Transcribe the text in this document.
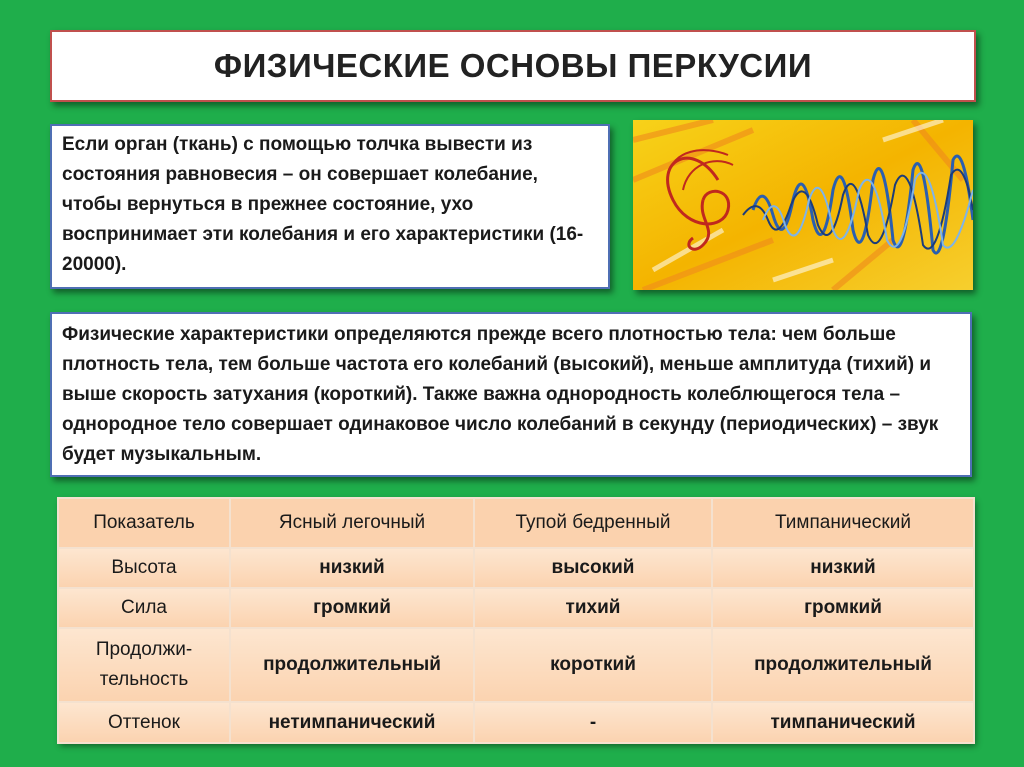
ФИЗИЧЕСКИЕ ОСНОВЫ ПЕРКУСИИ

Если орган (ткань) с помощью толчка вывести из состояния равновесия – он совершает колебание, чтобы вернуться в прежнее состояние, ухо воспринимает эти колебания и его характеристики (16-20000).

Физические характеристики определяются прежде всего плотностью тела: чем больше плотность тела, тем больше частота его колебаний (высокий), меньше амплитуда (тихий) и выше скорость затухания (короткий). Также важна однородность колеблющегося тела – однородное тело совершает одинаковое число колебаний в секунду (периодических) – звук будет музыкальным.

Показатель	Ясный легочный	Тупой бедренный	Тимпанический
Высота	низкий	высокий	низкий
Сила	громкий	тихий	громкий
Продолжи-тельность	продолжительный	короткий	продолжительный
Оттенок	нетимпанический	-	тимпанический
